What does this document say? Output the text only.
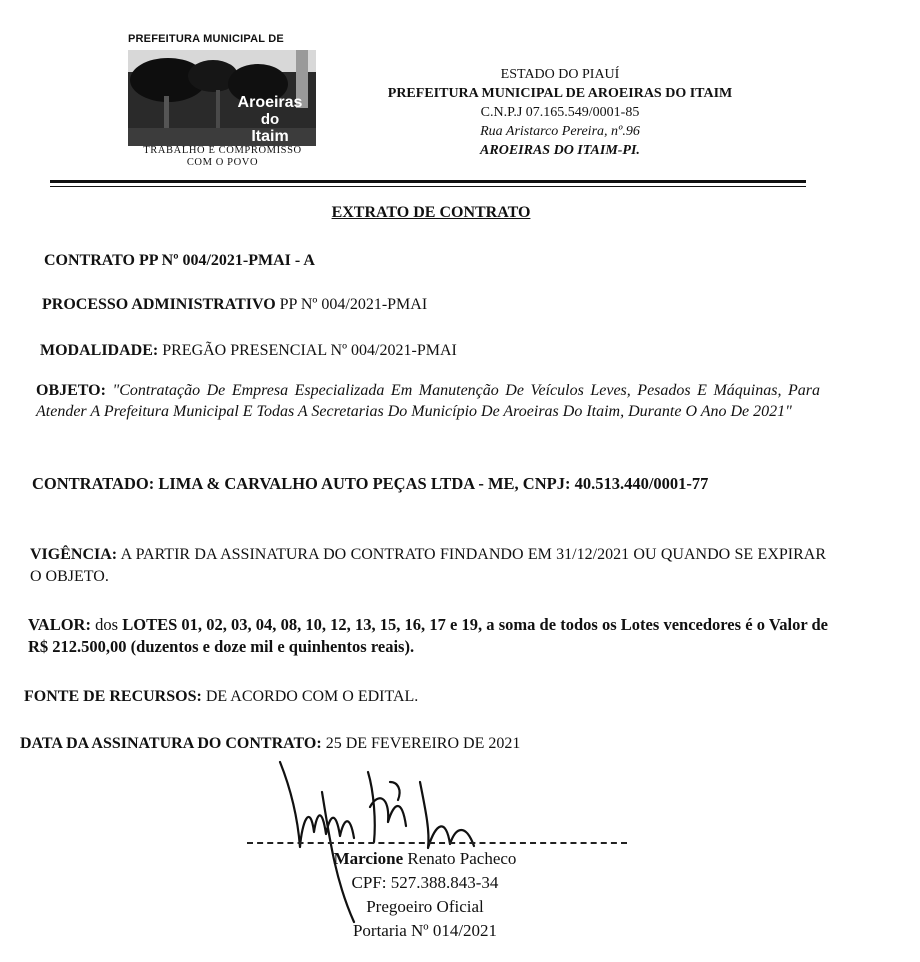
PREFEITURA MUNICIPAL DE
Aroeiras
do
Itaim
TRABALHO E COMPROMISSO
COM O POVO
ESTADO DO PIAUÍ
PREFEITURA MUNICIPAL DE AROEIRAS DO ITAIM
C.N.P.J 07.165.549/0001-85
Rua Aristarco Pereira, nº.96
AROEIRAS DO ITAIM-PI.
EXTRATO DE CONTRATO
CONTRATO PP Nº 004/2021-PMAI - A
PROCESSO ADMINISTRATIVO PP Nº 004/2021-PMAI
MODALIDADE: PREGÃO PRESENCIAL Nº 004/2021-PMAI
OBJETO: "Contratação De Empresa Especializada Em Manutenção De Veículos Leves, Pesados E Máquinas, Para Atender A Prefeitura Municipal E Todas A Secretarias Do Município De Aroeiras Do Itaim, Durante O Ano De 2021"
CONTRATADO: LIMA & CARVALHO AUTO PEÇAS LTDA - ME, CNPJ: 40.513.440/0001-77
VIGÊNCIA: A PARTIR DA ASSINATURA DO CONTRATO FINDANDO EM 31/12/2021 OU QUANDO SE EXPIRAR O OBJETO.
VALOR: dos LOTES 01, 02, 03, 04, 08, 10, 12, 13, 15, 16, 17 e 19, a soma de todos os Lotes vencedores é o Valor de R$ 212.500,00 (duzentos e doze mil e quinhentos reais).
FONTE DE RECURSOS: DE ACORDO COM O EDITAL.
DATA DA ASSINATURA DO CONTRATO: 25 DE FEVEREIRO DE 2021
Marcione Renato Pacheco
CPF: 527.388.843-34
Pregoeiro Oficial
Portaria Nº 014/2021
